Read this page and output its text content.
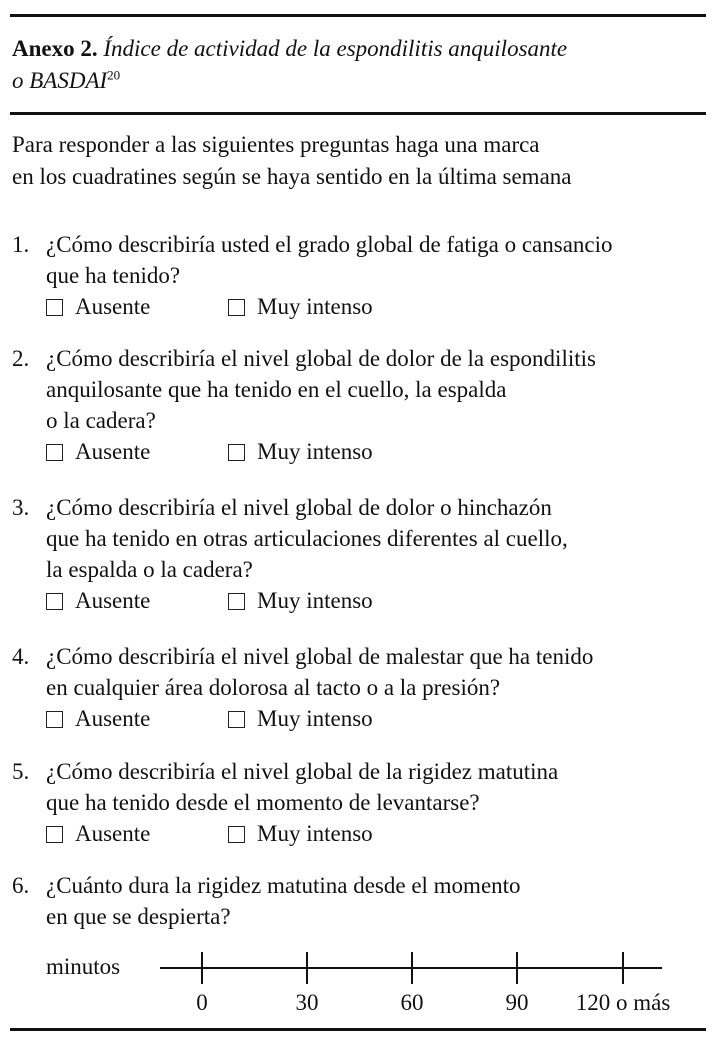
Anexo 2. Índice de actividad de la espondilitis anquilosante
o BASDAI$^{20}$
Para responder a las siguientes preguntas haga una marca
en los cuadratines según se haya sentido en la última semana
1. ¿Cómo describiría usted el grado global de fatiga o cansancio
que ha tenido?
Ausente	Muy intenso
2. ¿Cómo describiría el nivel global de dolor de la espondilitis
anquilosante que ha tenido en el cuello, la espalda
o la cadera?
Ausente	Muy intenso
3. ¿Cómo describiría el nivel global de dolor o hinchazón
que ha tenido en otras articulaciones diferentes al cuello,
la espalda o la cadera?
Ausente	Muy intenso
4. ¿Cómo describiría el nivel global de malestar que ha tenido
en cualquier área dolorosa al tacto o a la presión?
Ausente	Muy intenso
5. ¿Cómo describiría el nivel global de la rigidez matutina
que ha tenido desde el momento de levantarse?
Ausente	Muy intenso
6. ¿Cuánto dura la rigidez matutina desde el momento
en que se despierta?
minutos
0	30	60	90 120 o más
